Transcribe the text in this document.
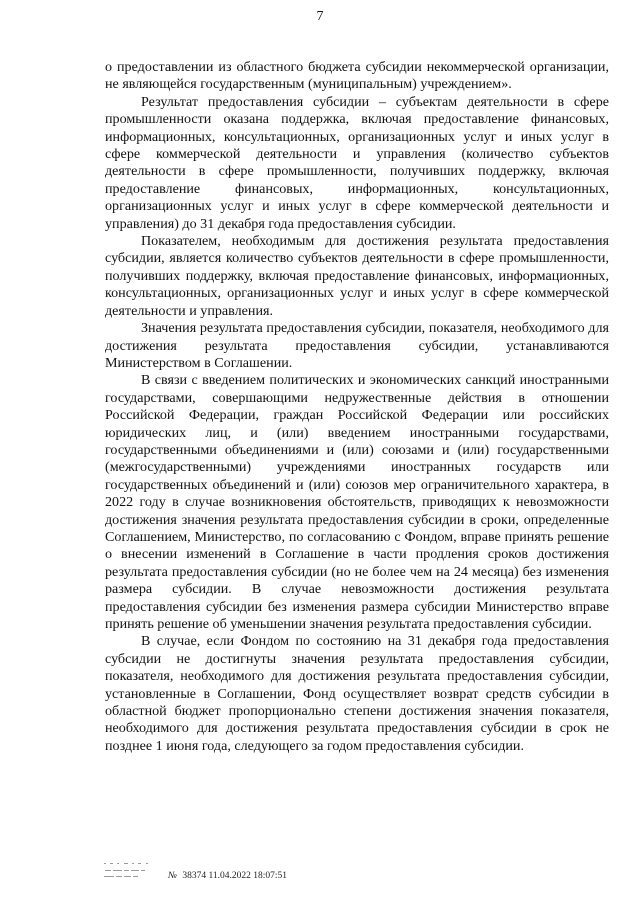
7

о предоставлении из областного бюджета субсидии некоммерческой организации, не являющейся государственным (муниципальным) учреждением».

Результат предоставления субсидии – субъектам деятельности в сфере промышленности оказана поддержка, включая предоставление финансовых, информационных, консультационных, организационных услуг и иных услуг в сфере коммерческой деятельности и управления (количество субъектов деятельности в сфере промышленности, получивших поддержку, включая предоставление финансовых, информационных, консультационных, организационных услуг и иных услуг в сфере коммерческой деятельности и управления) до 31 декабря года предоставления субсидии.

Показателем, необходимым для достижения результата предоставления субсидии, является количество субъектов деятельности в сфере промышленности, получивших поддержку, включая предоставление финансовых, информационных, консультационных, организационных услуг и иных услуг в сфере коммерческой деятельности и управления.

Значения результата предоставления субсидии, показателя, необходимого для достижения результата предоставления субсидии, устанавливаются Министерством в Соглашении.

В связи с введением политических и экономических санкций иностранными государствами, совершающими недружественные действия в отношении Российской Федерации, граждан Российской Федерации или российских юридических лиц, и (или) введением иностранными государствами, государственными объединениями и (или) союзами и (или) государственными (межгосударственными) учреждениями иностранных государств или государственных объединений и (или) союзов мер ограничительного характера, в 2022 году в случае возникновения обстоятельств, приводящих к невозможности достижения значения результата предоставления субсидии в сроки, определенные Соглашением, Министерство, по согласованию с Фондом, вправе принять решение о внесении изменений в Соглашение в части продления сроков достижения результата предоставления субсидии (но не более чем на 24 месяца) без изменения размера субсидии. В случае невозможности достижения результата предоставления субсидии без изменения размера субсидии Министерство вправе принять решение об уменьшении значения результата предоставления субсидии.

В случае, если Фондом по состоянию на 31 декабря года предоставления субсидии не достигнуты значения результата предоставления субсидии, показателя, необходимого для достижения результата предоставления субсидии, установленные в Соглашении, Фонд осуществляет возврат средств субсидии в областной бюджет пропорционально степени достижения значения показателя, необходимого для достижения результата предоставления субсидии в срок не позднее 1 июня года, следующего за годом предоставления субсидии.

№ 38374 11.04.2022 18:07:51
